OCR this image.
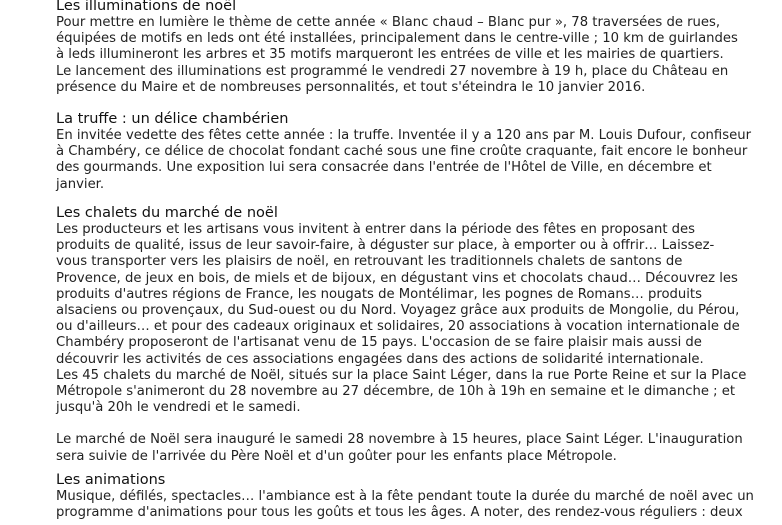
Les illuminations de noël
Pour mettre en lumière le thème de cette année « Blanc chaud – Blanc pur », 78 traversées de rues,
équipées de motifs en leds ont été installées, principalement dans le centre-ville ; 10 km de guirlandes
à leds illumineront les arbres et 35 motifs marqueront les entrées de ville et les mairies de quartiers.
Le lancement des illuminations est programmé le vendredi 27 novembre à 19 h, place du Château en
présence du Maire et de nombreuses personnalités, et tout s'éteindra le 10 janvier 2016.
La truffe : un délice chambérien
En invitée vedette des fêtes cette année : la truffe. Inventée il y a 120 ans par M. Louis Dufour, confiseur
à Chambéry, ce délice de chocolat fondant caché sous une fine croûte craquante, fait encore le bonheur
des gourmands. Une exposition lui sera consacrée dans l'entrée de l'Hôtel de Ville, en décembre et
janvier.
Les chalets du marché de noël
Les producteurs et les artisans vous invitent à entrer dans la période des fêtes en proposant des
produits de qualité, issus de leur savoir-faire, à déguster sur place, à emporter ou à offrir… Laissez-
vous transporter vers les plaisirs de noël, en retrouvant les traditionnels chalets de santons de
Provence, de jeux en bois, de miels et de bijoux, en dégustant vins et chocolats chaud… Découvrez les
produits d'autres régions de France, les nougats de Montélimar, les pognes de Romans… produits
alsaciens ou provençaux, du Sud-ouest ou du Nord. Voyagez grâce aux produits de Mongolie, du Pérou,
ou d'ailleurs… et pour des cadeaux originaux et solidaires, 20 associations à vocation internationale de
Chambéry proposeront de l'artisanat venu de 15 pays. L'occasion de se faire plaisir mais aussi de
découvrir les activités de ces associations engagées dans des actions de solidarité internationale.
Les 45 chalets du marché de Noël, situés sur la place Saint Léger, dans la rue Porte Reine et sur la Place
Métropole s'animeront du 28 novembre au 27 décembre, de 10h à 19h en semaine et le dimanche ; et
jusqu'à 20h le vendredi et le samedi.
Le marché de Noël sera inauguré le samedi 28 novembre à 15 heures, place Saint Léger. L'inauguration
sera suivie de l'arrivée du Père Noël et d'un goûter pour les enfants place Métropole.
Les animations
Musique, défilés, spectacles… l'ambiance est à la fête pendant toute la durée du marché de noël avec un
programme d'animations pour tous les goûts et tous les âges. A noter, des rendez-vous réguliers : deux
